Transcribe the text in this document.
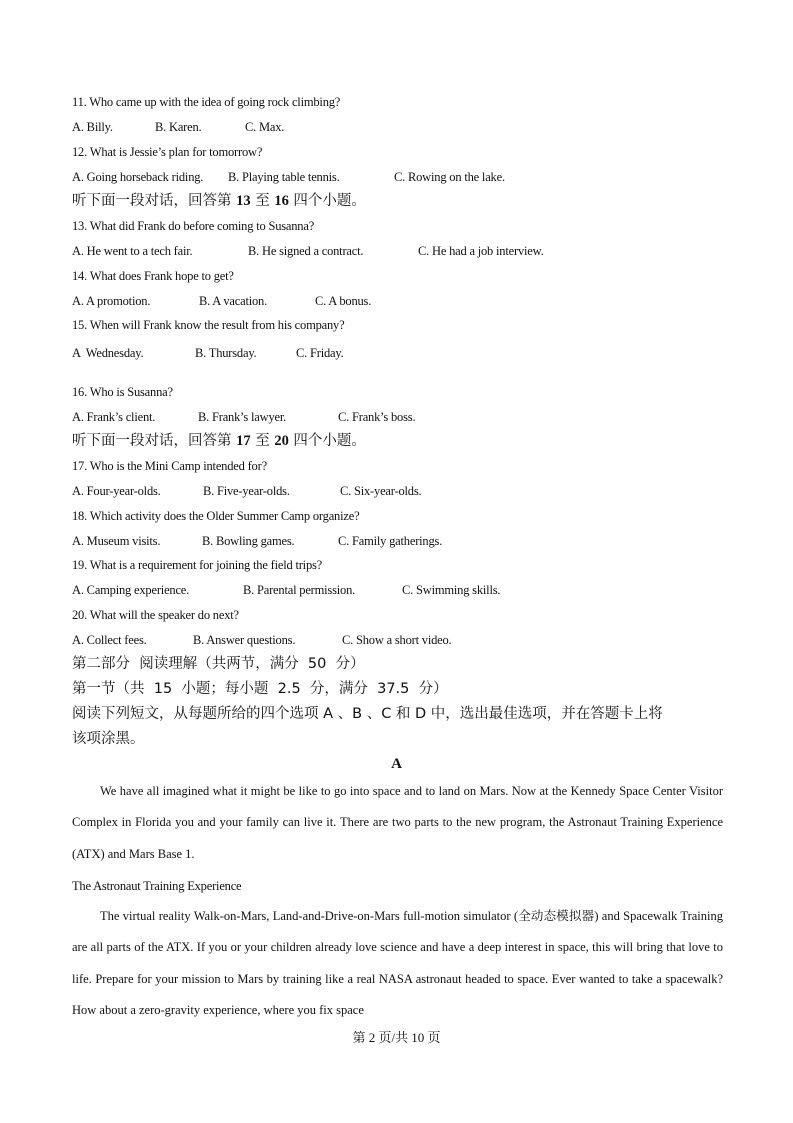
11. Who came up with the idea of going rock climbing?
A. Billy.	B. Karen.	C. Max.
12. What is Jessie’s plan for tomorrow?
A. Going horseback riding. B. Playing table tennis.	C. Rowing on the lake.
听下面一段对话，回答第 13 至 16 四个小题。
13. What did Frank do before coming to Susanna?
A. He went to a tech fair.	B. He signed a contract.	C. He had a job interview.
14. What does Frank hope to get?
A. A promotion.	B. A vacation.	C. A bonus.
15. When will Frank know the result from his company?
A  Wednesday.	B. Thursday.	C. Friday.
16. Who is Susanna?
A. Frank’s client.	B. Frank’s lawyer.	C. Frank’s boss.
听下面一段对话，回答第 17 至 20 四个小题。
17. Who is the Mini Camp intended for?
A. Four-year-olds.	B. Five-year-olds.	C. Six-year-olds.
18. Which activity does the Older Summer Camp organize?
A. Museum visits.	B. Bowling games.	C. Family gatherings.
19. What is a requirement for joining the field trips?
A. Camping experience.	B. Parental permission.	C. Swimming skills.
20. What will the speaker do next?
A. Collect fees.	B. Answer questions.	C. Show a short video.
第二部分  阅读理解（共两节，满分  50  分）
第一节（共  15  小题；每小题  2.5  分，满分  37.5  分）
阅读下列短文，从每题所给的四个选项 A 、B 、C 和 D 中，选出最佳选项，并在答题卡上将
该项涂黑。
A
We have all imagined what it might be like to go into space and to land on Mars. Now at the Kennedy Space Center Visitor Complex in Florida you and your family can live it. There are two parts to the new program, the Astronaut Training Experience (ATX) and Mars Base 1.
The Astronaut Training Experience
The virtual reality Walk-on-Mars, Land-and-Drive-on-Mars full-motion simulator (全动态模拟器) and Spacewalk Training are all parts of the ATX. If you or your children already love science and have a deep interest in space, this will bring that love to life. Prepare for your mission to Mars by training like a real NASA astronaut headed to space. Ever wanted to take a spacewalk? How about a zero-gravity experience, where you fix space
第 2 页/共 10 页
